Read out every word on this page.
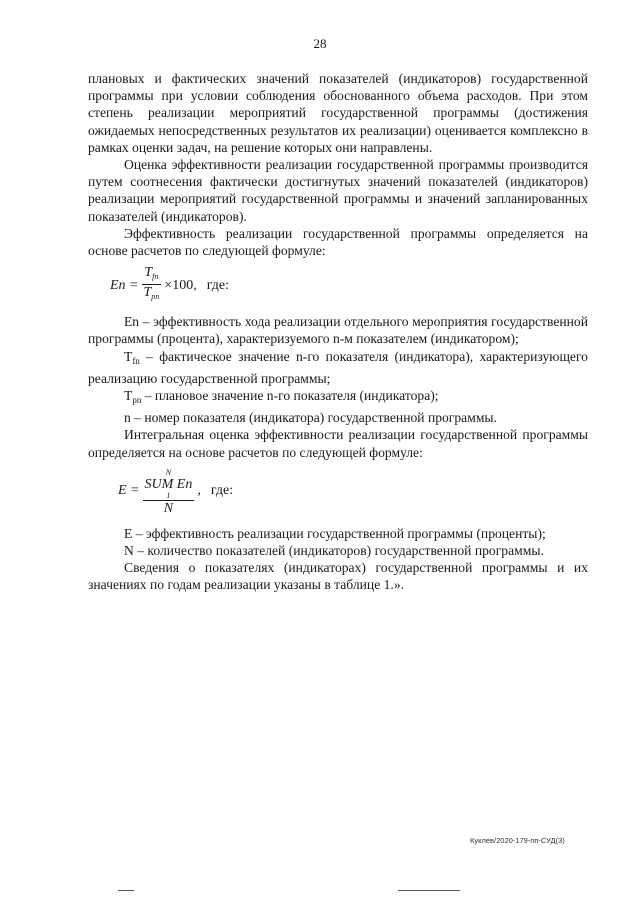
28

плановых и фактических значений показателей (индикаторов) государственной программы при условии соблюдения обоснованного объема расходов. При этом степень реализации мероприятий государственной программы (достижения ожидаемых непосредственных результатов их реализации) оценивается комплексно в рамках оценки задач, на решение которых они направлены.

Оценка эффективности реализации государственной программы производится путем соотнесения фактически достигнутых значений показателей (индикаторов) реализации мероприятий государственной программы и значений запланированных показателей (индикаторов).

Эффективность реализации государственной программы определяется на основе расчетов по следующей формуле:

$En = \frac{T_{fn}}{T_{pn}} \times 100$, где:

En – эффективность хода реализации отдельного мероприятия государственной программы (процента), характеризуемого n-м показателем (индикатором);

$T_{fn}$ – фактическое значение n-го показателя (индикатора), характеризующего реализацию государственной программы;

$T_{pn}$ – плановое значение n-го показателя (индикатора);

n – номер показателя (индикатора) государственной программы.

Интегральная оценка эффективности реализации государственной программы определяется на основе расчетов по следующей формуле:

E = N
SUM En
1
N , где:

E – эффективность реализации государственной программы (проценты);

N – количество показателей (индикаторов) государственной программы.

Сведения о показателях (индикаторах) государственной программы и их значениях по годам реализации указаны в таблице 1.».

Куклев/2020-179-пп-СУД(3)
